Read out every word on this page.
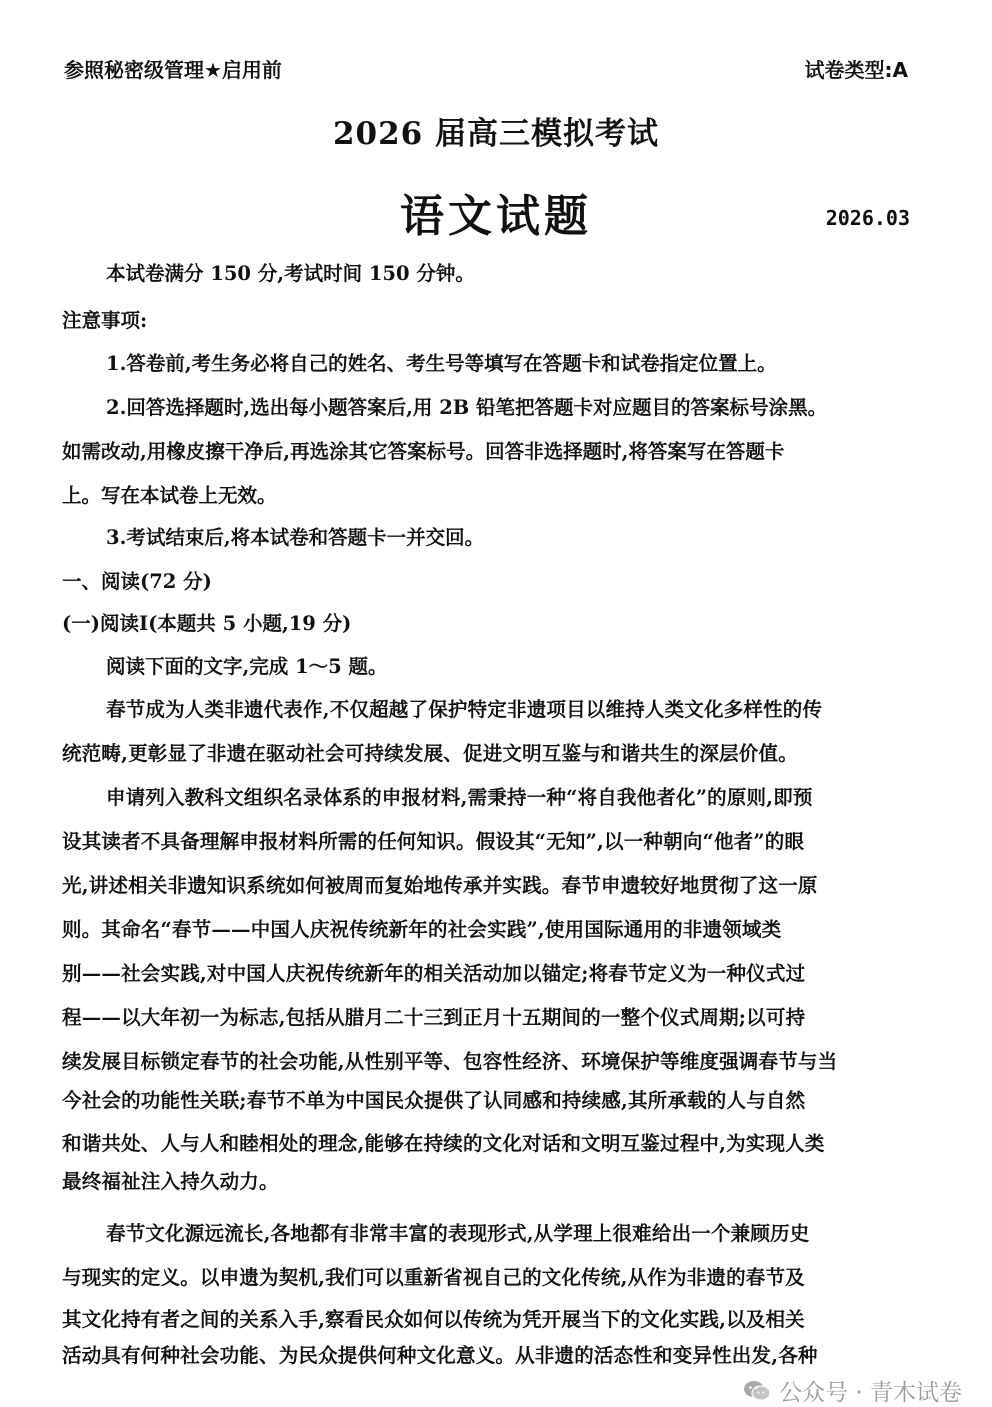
参照秘密级管理★启用前	试卷类型:A
2026 届高三模拟考试
语文试题	2026.03
本试卷满分 150 分,考试时间 150 分钟。
注意事项:
1.答卷前,考生务必将自己的姓名、考生号等填写在答题卡和试卷指定位置上。
2.回答选择题时,选出每小题答案后,用 2B 铅笔把答题卡对应题目的答案标号涂黑。
如需改动,用橡皮擦干净后,再选涂其它答案标号。回答非选择题时,将答案写在答题卡
上。写在本试卷上无效。
3.考试结束后,将本试卷和答题卡一并交回。
一、阅读(72 分)
(一)阅读Ⅰ(本题共 5 小题,19 分)
阅读下面的文字,完成 1～5 题。
春节成为人类非遗代表作,不仅超越了保护特定非遗项目以维持人类文化多样性的传
统范畴,更彰显了非遗在驱动社会可持续发展、促进文明互鉴与和谐共生的深层价值。
申请列入教科文组织名录体系的申报材料,需秉持一种“将自我他者化”的原则,即预
设其读者不具备理解申报材料所需的任何知识。假设其“无知”,以一种朝向“他者”的眼
光,讲述相关非遗知识系统如何被周而复始地传承并实践。春节申遗较好地贯彻了这一原
则。其命名“春节——中国人庆祝传统新年的社会实践”,使用国际通用的非遗领域类
别——社会实践,对中国人庆祝传统新年的相关活动加以锚定;将春节定义为一种仪式过
程——以大年初一为标志,包括从腊月二十三到正月十五期间的一整个仪式周期;以可持
续发展目标锁定春节的社会功能,从性别平等、包容性经济、环境保护等维度强调春节与当
今社会的功能性关联;春节不单为中国民众提供了认同感和持续感,其所承载的人与自然
和谐共处、人与人和睦相处的理念,能够在持续的文化对话和文明互鉴过程中,为实现人类
最终福祉注入持久动力。
春节文化源远流长,各地都有非常丰富的表现形式,从学理上很难给出一个兼顾历史
与现实的定义。以申遗为契机,我们可以重新省视自己的文化传统,从作为非遗的春节及
其文化持有者之间的关系入手,察看民众如何以传统为凭开展当下的文化实践,以及相关
活动具有何种社会功能、为民众提供何种文化意义。从非遗的活态性和变异性出发,各种
公众号 · 青木试卷
